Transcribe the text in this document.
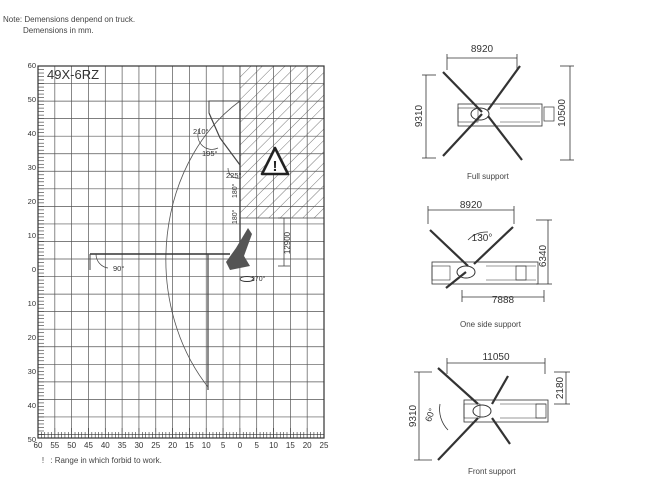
Note: Demensions denpend on truck.
Demensions in mm.
12900
!
49X-6RZ
210°
195°
225°
90°
180°
180°
270°
60
50
40
30
20
10
0
10
20
30
40
50
60 55 50 45 40 35 30 25 20 15 10 5 0 5 10 15 20 25
8920
9310	10500
8920
130°
6340
7888
11050
9310 60°
2180
Full support
One side support
Front support
! : Range in which forbid to work.
